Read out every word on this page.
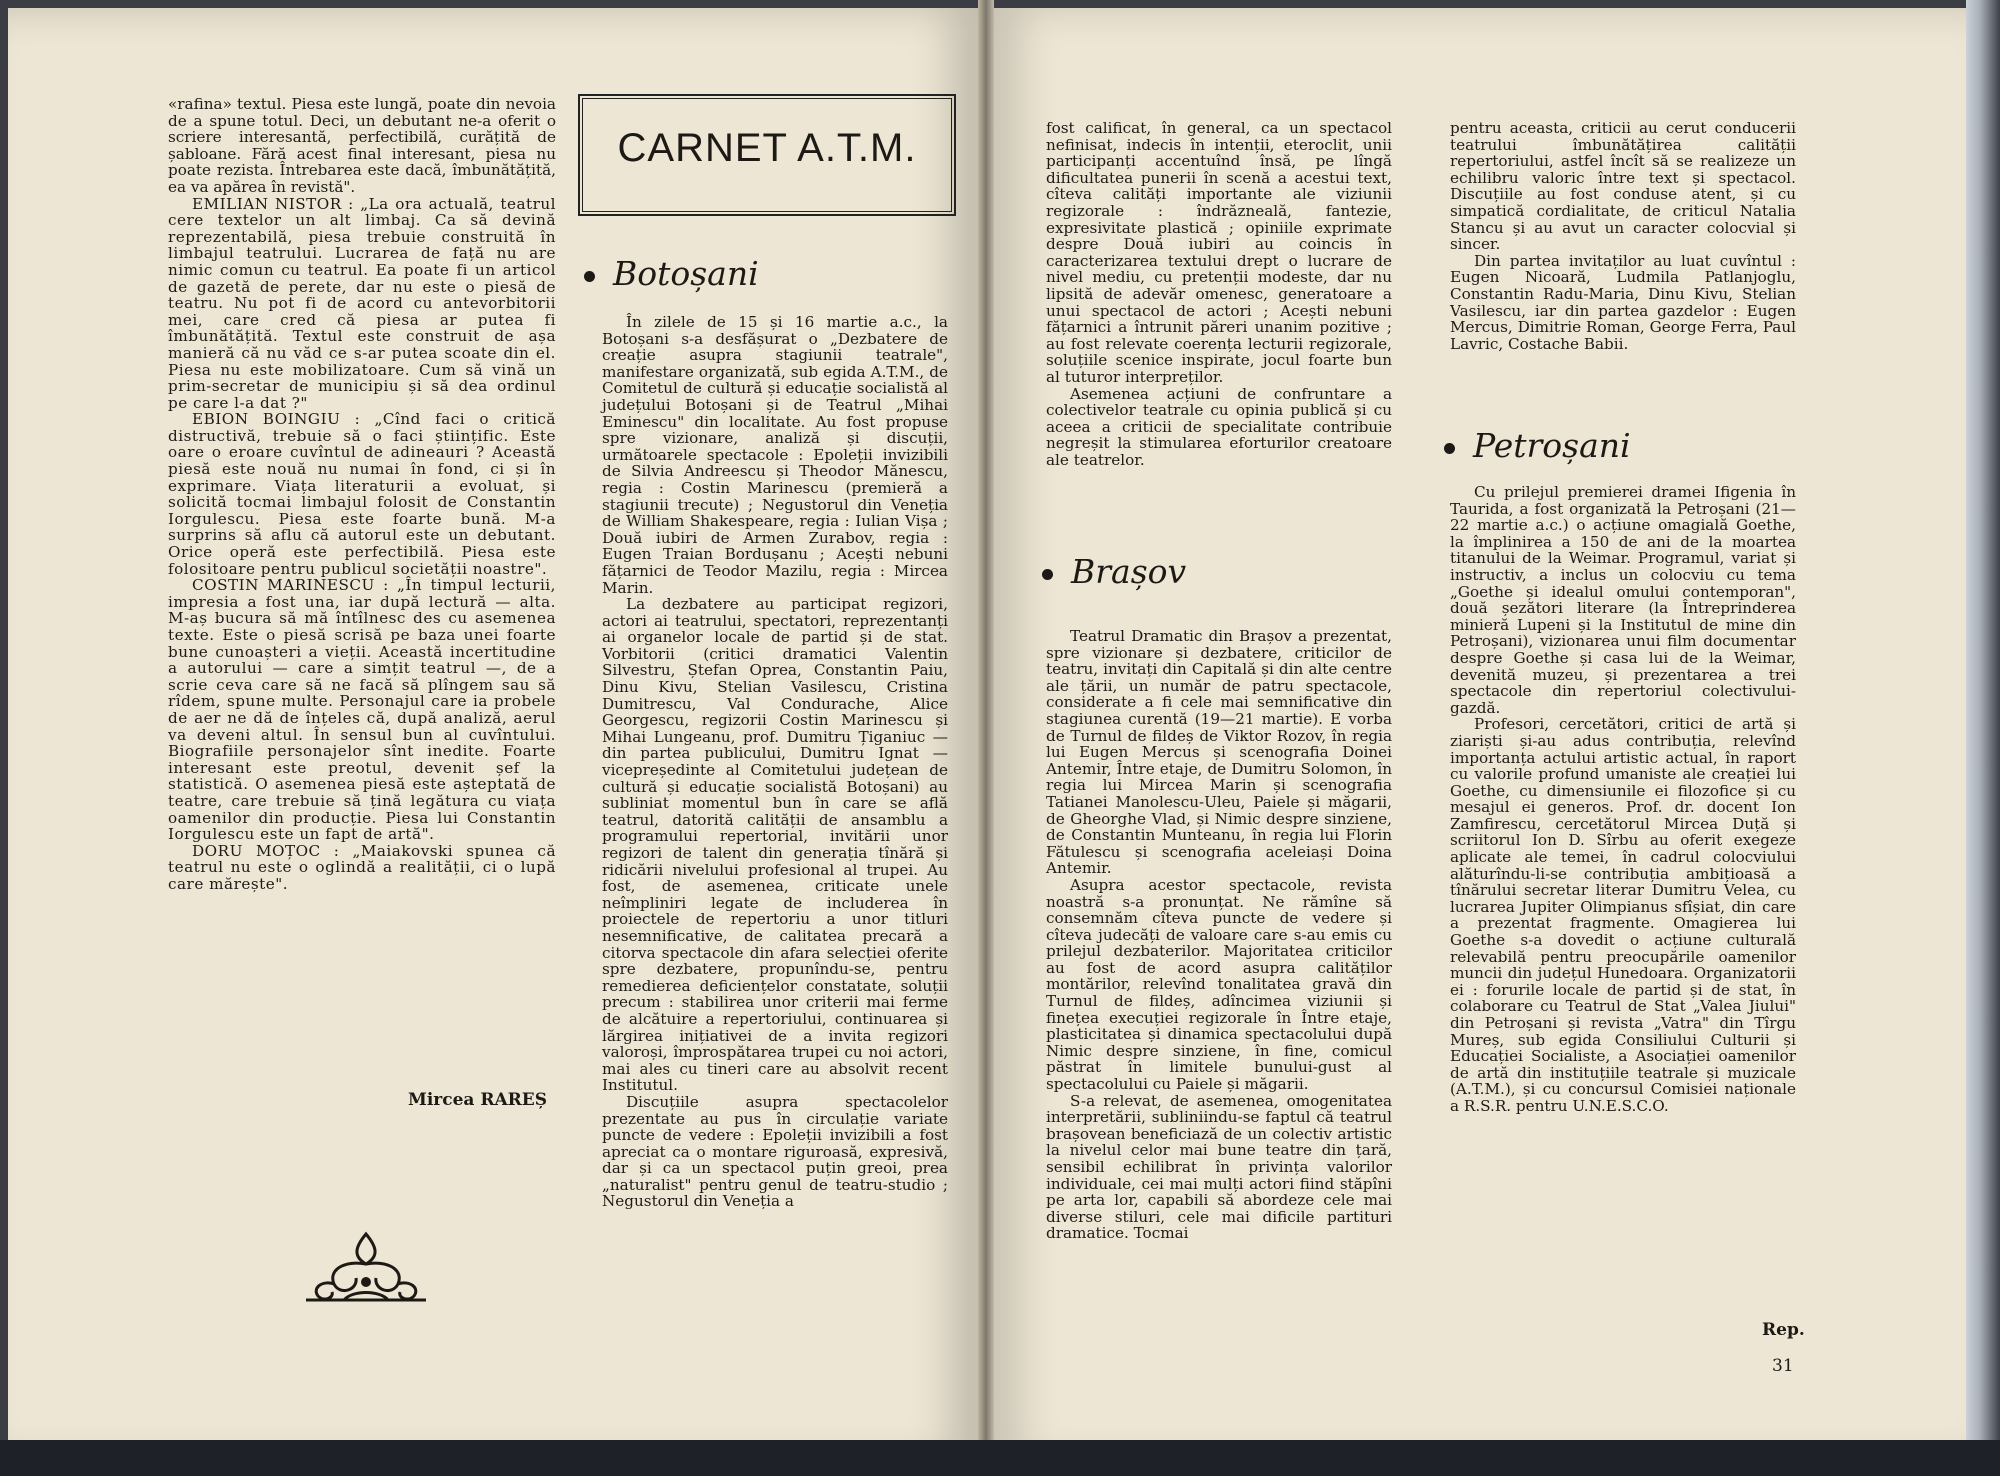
«rafina» textul. Piesa este lungă, poate din nevoia de a spune totul. Deci, un debutant ne-a oferit o scriere interesantă, perfectibilă, curățită de șabloane. Fără acest final interesant, piesa nu poate rezista. Întrebarea este dacă, îmbunătățită, ea va apărea în revistă".

EMILIAN NISTOR : „La ora actuală, teatrul cere textelor un alt limbaj. Ca să devină reprezentabilă, piesa trebuie construită în limbajul teatrului. Lucrarea de față nu are nimic comun cu teatrul. Ea poate fi un articol de gazetă de perete, dar nu este o piesă de teatru. Nu pot fi de acord cu antevorbitorii mei, care cred că piesa ar putea fi îmbunătățită. Textul este construit de așa manieră că nu văd ce s-ar putea scoate din el. Piesa nu este mobilizatoare. Cum să vină un prim-secretar de municipiu și să dea ordinul pe care l-a dat ?"

EBION BOINGIU : „Cînd faci o critică distructivă, trebuie să o faci științific. Este oare o eroare cuvîntul de adineauri ? Această piesă este nouă nu numai în fond, ci și în exprimare. Viața literaturii a evoluat, și solicită tocmai limbajul folosit de Constantin Iorgulescu. Piesa este foarte bună. M-a surprins să aflu că autorul este un debutant. Orice operă este perfectibilă. Piesa este folositoare pentru publicul societății noastre".

COSTIN MARINESCU : „În timpul lecturii, impresia a fost una, iar după lectură — alta. M-aș bucura să mă întîlnesc des cu asemenea texte. Este o piesă scrisă pe baza unei foarte bune cunoașteri a vieții. Această incertitudine a autorului — care a simțit teatrul —, de a scrie ceva care să ne facă să plîngem sau să rîdem, spune multe. Personajul care ia probele de aer ne dă de înțeles că, după analiză, aerul va deveni altul. În sensul bun al cuvîntului. Biografiile personajelor sînt inedite. Foarte interesant este preotul, devenit șef la statistică. O asemenea piesă este așteptată de teatre, care trebuie să țină legătura cu viața oamenilor din producție. Piesa lui Constantin Iorgulescu este un fapt de artă".

DORU MOȚOC : „Maiakovski spunea că teatrul nu este o oglindă a realității, ci o lupă care mărește".

Mircea RAREȘ
CARNET A.T.M.
Botoșani

În zilele de 15 și 16 martie a.c., la Botoșani s-a desfășurat o „Dezbatere de creație asupra stagiunii teatrale", manifestare organizată, sub egida A.T.M., de Comitetul de cultură și educație socialistă al județului Botoșani și de Teatrul „Mihai Eminescu" din localitate. Au fost propuse spre vizionare, analiză și discuții, următoarele spectacole : Epoleții invizibili de Silvia Andreescu și Theodor Mănescu, regia : Costin Marinescu (premieră a stagiunii trecute) ; Negustorul din Veneția de William Shakespeare, regia : Iulian Vișa ; Două iubiri de Armen Zurabov, regia : Eugen Traian Bordușanu ; Acești nebuni fățarnici de Teodor Mazilu, regia : Mircea Marin.

La dezbatere au participat regizori, actori ai teatrului, spectatori, reprezentanți ai organelor locale de partid și de stat. Vorbitorii (critici dramatici Valentin Silvestru, Ștefan Oprea, Constantin Paiu, Dinu Kivu, Stelian Vasilescu, Cristina Dumitrescu, Val Condurache, Alice Georgescu, regizorii Costin Marinescu și Mihai Lungeanu, prof. Dumitru Țiganiuc — din partea publicului, Dumitru Ignat — vicepreședinte al Comitetului județean de cultură și educație socialistă Botoșani) au subliniat momentul bun în care se află teatrul, datorită calității de ansamblu a programului repertorial, invitării unor regizori de talent din generația tînără și ridicării nivelului profesional al trupei. Au fost, de asemenea, criticate unele neîmpliniri legate de includerea în proiectele de repertoriu a unor titluri nesemnificative, de calitatea precară a citorva spectacole din afara selecției oferite spre dezbatere, propunîndu-se, pentru remedierea deficiențelor constatate, soluții precum : stabilirea unor criterii mai ferme de alcătuire a repertoriului, continuarea și lărgirea inițiativei de a invita regizori valoroși, împrospătarea trupei cu noi actori, mai ales cu tineri care au absolvit recent Institutul.

Discuțiile asupra spectacolelor prezentate au pus în circulație variate puncte de vedere : Epoleții invizibili a fost apreciat ca o montare riguroasă, expresivă, dar și ca un spectacol puțin greoi, prea „naturalist" pentru genul de teatru-studio ; Negustorul din Veneția a

fost calificat, în general, ca un spectacol nefinisat, indecis în intenții, eteroclit, unii participanți accentuînd însă, pe lîngă dificultatea punerii în scenă a acestui text, cîteva calități importante ale viziunii regizorale : îndrăzneală, fantezie, expresivitate plastică ; opiniile exprimate despre Două iubiri au coincis în caracterizarea textului drept o lucrare de nivel mediu, cu pretenții modeste, dar nu lipsită de adevăr omenesc, generatoare a unui spectacol de actori ; Acești nebuni fățarnici a întrunit păreri unanim pozitive ; au fost relevate coerența lecturii regizorale, soluțiile scenice inspirate, jocul foarte bun al tuturor interpreților.

Asemenea acțiuni de confruntare a colectivelor teatrale cu opinia publică și cu aceea a criticii de specialitate contribuie negreșit la stimularea eforturilor creatoare ale teatrelor.

Brașov

Teatrul Dramatic din Brașov a prezentat, spre vizionare și dezbatere, criticilor de teatru, invitați din Capitală și din alte centre ale țării, un număr de patru spectacole, considerate a fi cele mai semnificative din stagiunea curentă (19—21 martie). E vorba de Turnul de fildeș de Viktor Rozov, în regia lui Eugen Mercus și scenografia Doinei Antemir, Între etaje, de Dumitru Solomon, în regia lui Mircea Marin și scenografia Tatianei Manolescu-Uleu, Paiele și măgarii, de Gheorghe Vlad, și Nimic despre sinziene, de Constantin Munteanu, în regia lui Florin Fătulescu și scenografia aceleiași Doina Antemir.

Asupra acestor spectacole, revista noastră s-a pronunțat. Ne rămîne să consemnăm cîteva puncte de vedere și cîteva judecăți de valoare care s-au emis cu prilejul dezbaterilor. Majoritatea criticilor au fost de acord asupra calităților montărilor, relevînd tonalitatea gravă din Turnul de fildeș, adîncimea viziunii și finețea execuției regizorale în Între etaje, plasticitatea și dinamica spectacolului după Nimic despre sinziene, în fine, comicul păstrat în limitele bunului-gust al spectacolului cu Paiele și măgarii.

S-a relevat, de asemenea, omogenitatea interpretării, subliniindu-se faptul că teatrul brașovean beneficiază de un colectiv artistic la nivelul celor mai bune teatre din țară, sensibil echilibrat în privința valorilor individuale, cei mai mulți actori fiind stăpîni pe arta lor, capabili să abordeze cele mai diverse stiluri, cele mai dificile partituri dramatice. Tocmai

pentru aceasta, criticii au cerut conducerii teatrului îmbunătățirea calității repertoriului, astfel încît să se realizeze un echilibru valoric între text și spectacol. Discuțiile au fost conduse atent, și cu simpatică cordialitate, de criticul Natalia Stancu și au avut un caracter colocvial și sincer.

Din partea invitaților au luat cuvîntul : Eugen Nicoară, Ludmila Patlanjoglu, Constantin Radu-Maria, Dinu Kivu, Stelian Vasilescu, iar din partea gazdelor : Eugen Mercus, Dimitrie Roman, George Ferra, Paul Lavric, Costache Babii.

Petroșani

Cu prilejul premierei dramei Ifigenia în Taurida, a fost organizată la Petroșani (21—22 martie a.c.) o acțiune omagială Goethe, la împlinirea a 150 de ani de la moartea titanului de la Weimar. Programul, variat și instructiv, a inclus un colocviu cu tema „Goethe și idealul omului contemporan", două șezători literare (la Întreprinderea minieră Lupeni și la Institutul de mine din Petroșani), vizionarea unui film documentar despre Goethe și casa lui de la Weimar, devenită muzeu, și prezentarea a trei spectacole din repertoriul colectivului-gazdă.

Profesori, cercetători, critici de artă și ziariști și-au adus contribuția, relevînd importanța actului artistic actual, în raport cu valorile profund umaniste ale creației lui Goethe, cu dimensiunile ei filozofice și cu mesajul ei generos. Prof. dr. docent Ion Zamfirescu, cercetătorul Mircea Duță și scriitorul Ion D. Sîrbu au oferit exegeze aplicate ale temei, în cadrul colocviului alăturîndu-li-se contribuția ambițioasă a tînărului secretar literar Dumitru Velea, cu lucrarea Jupiter Olimpianus sfîșiat, din care a prezentat fragmente. Omagierea lui Goethe s-a dovedit o acțiune culturală relevabilă pentru preocupările oamenilor muncii din județul Hunedoara. Organizatorii ei : forurile locale de partid și de stat, în colaborare cu Teatrul de Stat „Valea Jiului" din Petroșani și revista „Vatra" din Tîrgu Mureș, sub egida Consiliului Culturii și Educației Socialiste, a Asociației oamenilor de artă din instituțiile teatrale și muzicale (A.T.M.), și cu concursul Comisiei naționale a R.S.R. pentru U.N.E.S.C.O.

Rep.
31
